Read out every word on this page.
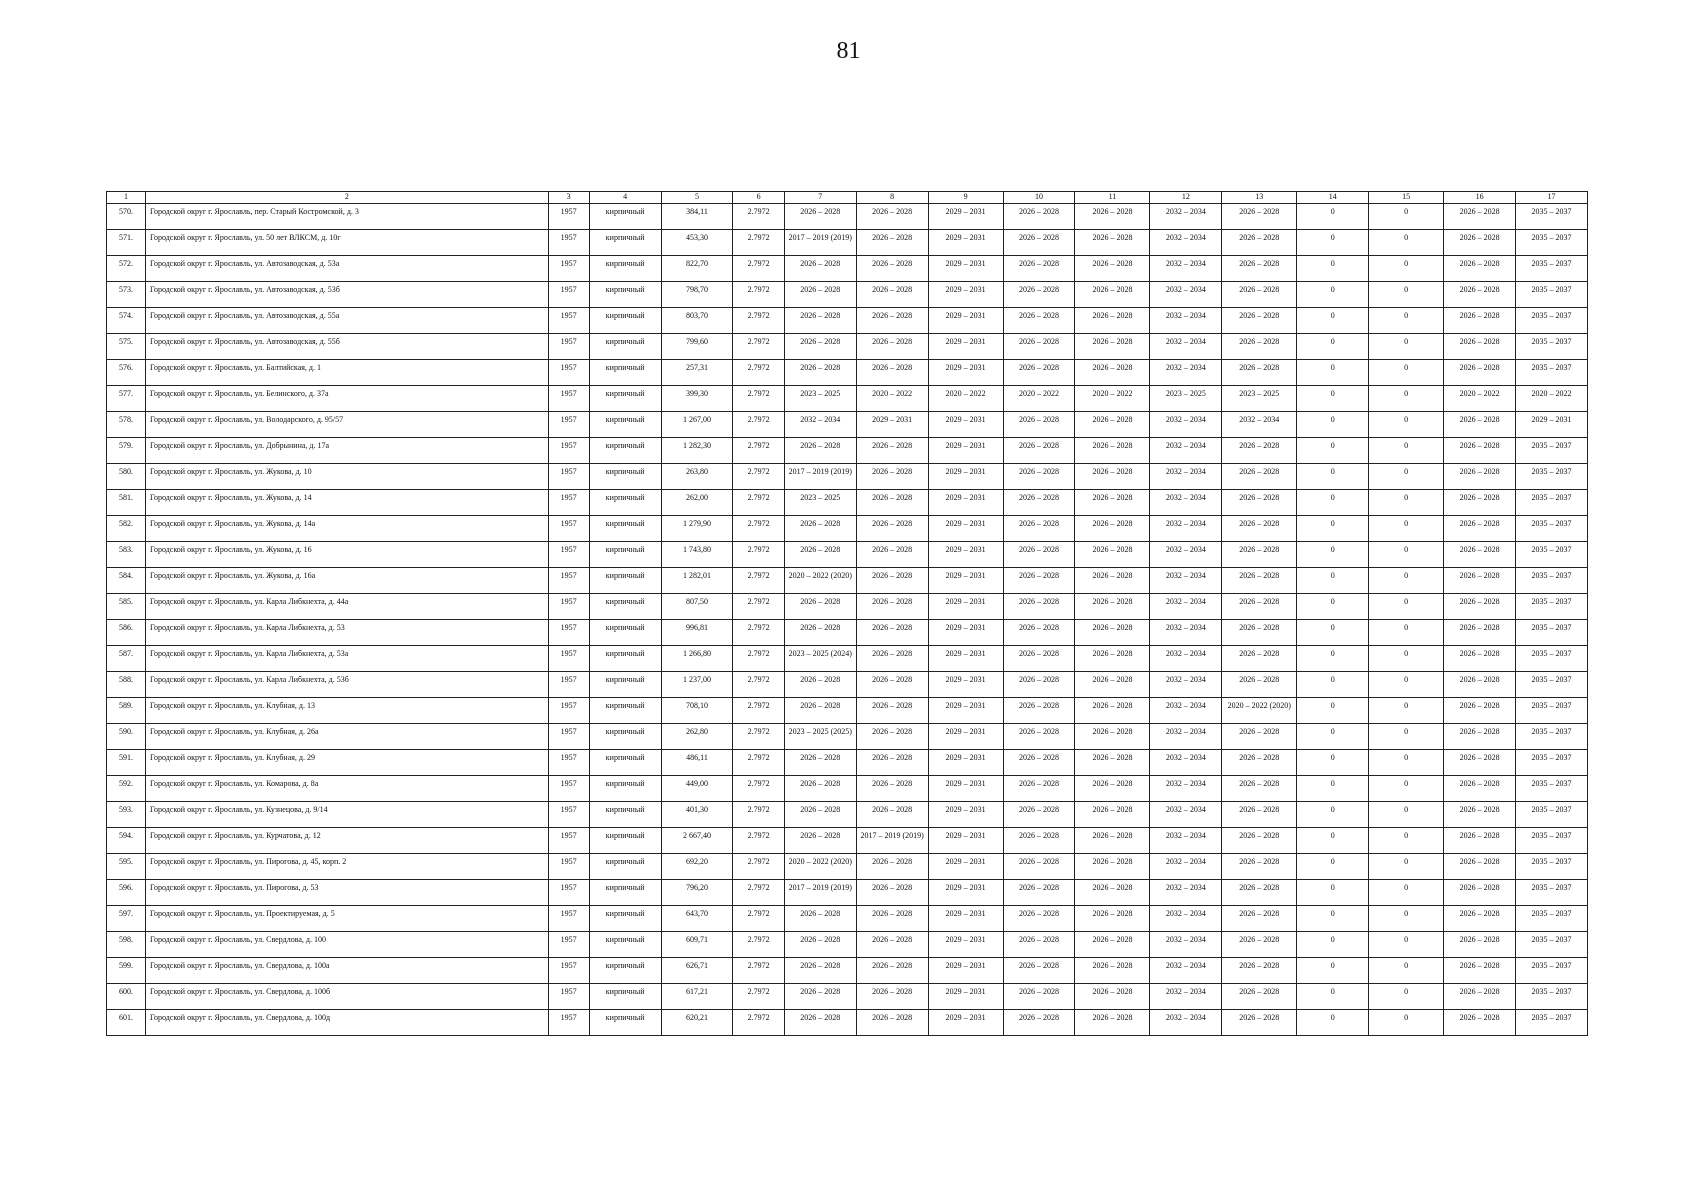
81
1	2	3	4	5	6	7	8	9	10	11	12	13	14	15	16	17
570.	Городской округ г. Ярославль, пер. Старый Костромской, д. 3	1957	кирпичный	384,11	2.7972	2026 – 2028	2026 – 2028	2029 – 2031	2026 – 2028	2026 – 2028	2032 – 2034	2026 – 2028	0	0	2026 – 2028	2035 – 2037
571.	Городской округ г. Ярославль, ул. 50 лет ВЛКСМ, д. 10г	1957	кирпичный	453,30	2.7972	2017 – 2019 (2019)	2026 – 2028	2029 – 2031	2026 – 2028	2026 – 2028	2032 – 2034	2026 – 2028	0	0	2026 – 2028	2035 – 2037
572.	Городской округ г. Ярославль, ул. Автозаводская, д. 53а	1957	кирпичный	822,70	2.7972	2026 – 2028	2026 – 2028	2029 – 2031	2026 – 2028	2026 – 2028	2032 – 2034	2026 – 2028	0	0	2026 – 2028	2035 – 2037
573.	Городской округ г. Ярославль, ул. Автозаводская, д. 53б	1957	кирпичный	798,70	2.7972	2026 – 2028	2026 – 2028	2029 – 2031	2026 – 2028	2026 – 2028	2032 – 2034	2026 – 2028	0	0	2026 – 2028	2035 – 2037
574.	Городской округ г. Ярославль, ул. Автозаводская, д. 55а	1957	кирпичный	803,70	2.7972	2026 – 2028	2026 – 2028	2029 – 2031	2026 – 2028	2026 – 2028	2032 – 2034	2026 – 2028	0	0	2026 – 2028	2035 – 2037
575.	Городской округ г. Ярославль, ул. Автозаводская, д. 55б	1957	кирпичный	799,60	2.7972	2026 – 2028	2026 – 2028	2029 – 2031	2026 – 2028	2026 – 2028	2032 – 2034	2026 – 2028	0	0	2026 – 2028	2035 – 2037
576.	Городской округ г. Ярославль, ул. Балтийская, д. 1	1957	кирпичный	257,31	2.7972	2026 – 2028	2026 – 2028	2029 – 2031	2026 – 2028	2026 – 2028	2032 – 2034	2026 – 2028	0	0	2026 – 2028	2035 – 2037
577.	Городской округ г. Ярославль, ул. Белинского, д. 37а	1957	кирпичный	399,30	2.7972	2023 – 2025	2020 – 2022	2020 – 2022	2020 – 2022	2020 – 2022	2023 – 2025	2023 – 2025	0	0	2020 – 2022	2020 – 2022
578.	Городской округ г. Ярославль, ул. Володарского, д. 95/57	1957	кирпичный	1 267,00	2.7972	2032 – 2034	2029 – 2031	2029 – 2031	2026 – 2028	2026 – 2028	2032 – 2034	2032 – 2034	0	0	2026 – 2028	2029 – 2031
579.	Городской округ г. Ярославль, ул. Добрынина, д. 17а	1957	кирпичный	1 282,30	2.7972	2026 – 2028	2026 – 2028	2029 – 2031	2026 – 2028	2026 – 2028	2032 – 2034	2026 – 2028	0	0	2026 – 2028	2035 – 2037
580.	Городской округ г. Ярославль, ул. Жукова, д. 10	1957	кирпичный	263,80	2.7972	2017 – 2019 (2019)	2026 – 2028	2029 – 2031	2026 – 2028	2026 – 2028	2032 – 2034	2026 – 2028	0	0	2026 – 2028	2035 – 2037
581.	Городской округ г. Ярославль, ул. Жукова, д. 14	1957	кирпичный	262,00	2.7972	2023 – 2025	2026 – 2028	2029 – 2031	2026 – 2028	2026 – 2028	2032 – 2034	2026 – 2028	0	0	2026 – 2028	2035 – 2037
582.	Городской округ г. Ярославль, ул. Жукова, д. 14а	1957	кирпичный	1 279,90	2.7972	2026 – 2028	2026 – 2028	2029 – 2031	2026 – 2028	2026 – 2028	2032 – 2034	2026 – 2028	0	0	2026 – 2028	2035 – 2037
583.	Городской округ г. Ярославль, ул. Жукова, д. 16	1957	кирпичный	1 743,80	2.7972	2026 – 2028	2026 – 2028	2029 – 2031	2026 – 2028	2026 – 2028	2032 – 2034	2026 – 2028	0	0	2026 – 2028	2035 – 2037
584.	Городской округ г. Ярославль, ул. Жукова, д. 16а	1957	кирпичный	1 282,01	2.7972	2020 – 2022 (2020)	2026 – 2028	2029 – 2031	2026 – 2028	2026 – 2028	2032 – 2034	2026 – 2028	0	0	2026 – 2028	2035 – 2037
585.	Городской округ г. Ярославль, ул. Карла Либкнехта, д. 44а	1957	кирпичный	807,50	2.7972	2026 – 2028	2026 – 2028	2029 – 2031	2026 – 2028	2026 – 2028	2032 – 2034	2026 – 2028	0	0	2026 – 2028	2035 – 2037
586.	Городской округ г. Ярославль, ул. Карла Либкнехта, д. 53	1957	кирпичный	996,81	2.7972	2026 – 2028	2026 – 2028	2029 – 2031	2026 – 2028	2026 – 2028	2032 – 2034	2026 – 2028	0	0	2026 – 2028	2035 – 2037
587.	Городской округ г. Ярославль, ул. Карла Либкнехта, д. 53а	1957	кирпичный	1 266,80	2.7972	2023 – 2025 (2024)	2026 – 2028	2029 – 2031	2026 – 2028	2026 – 2028	2032 – 2034	2026 – 2028	0	0	2026 – 2028	2035 – 2037
588.	Городской округ г. Ярославль, ул. Карла Либкнехта, д. 53б	1957	кирпичный	1 237,00	2.7972	2026 – 2028	2026 – 2028	2029 – 2031	2026 – 2028	2026 – 2028	2032 – 2034	2026 – 2028	0	0	2026 – 2028	2035 – 2037
589.	Городской округ г. Ярославль, ул. Клубная, д. 13	1957	кирпичный	708,10	2.7972	2026 – 2028	2026 – 2028	2029 – 2031	2026 – 2028	2026 – 2028	2032 – 2034	2020 – 2022 (2020)	0	0	2026 – 2028	2035 – 2037
590.	Городской округ г. Ярославль, ул. Клубная, д. 26а	1957	кирпичный	262,80	2.7972	2023 – 2025 (2025)	2026 – 2028	2029 – 2031	2026 – 2028	2026 – 2028	2032 – 2034	2026 – 2028	0	0	2026 – 2028	2035 – 2037
591.	Городской округ г. Ярославль, ул. Клубная, д. 29	1957	кирпичный	486,11	2.7972	2026 – 2028	2026 – 2028	2029 – 2031	2026 – 2028	2026 – 2028	2032 – 2034	2026 – 2028	0	0	2026 – 2028	2035 – 2037
592.	Городской округ г. Ярославль, ул. Комарова, д. 8а	1957	кирпичный	449,00	2.7972	2026 – 2028	2026 – 2028	2029 – 2031	2026 – 2028	2026 – 2028	2032 – 2034	2026 – 2028	0	0	2026 – 2028	2035 – 2037
593.	Городской округ г. Ярославль, ул. Кузнецова, д. 9/14	1957	кирпичный	401,30	2.7972	2026 – 2028	2026 – 2028	2029 – 2031	2026 – 2028	2026 – 2028	2032 – 2034	2026 – 2028	0	0	2026 – 2028	2035 – 2037
594.	Городской округ г. Ярославль, ул. Курчатова, д. 12	1957	кирпичный	2 667,40	2.7972	2026 – 2028	2017 – 2019 (2019)	2029 – 2031	2026 – 2028	2026 – 2028	2032 – 2034	2026 – 2028	0	0	2026 – 2028	2035 – 2037
595.	Городской округ г. Ярославль, ул. Пирогова, д. 45, корп. 2	1957	кирпичный	692,20	2.7972	2020 – 2022 (2020)	2026 – 2028	2029 – 2031	2026 – 2028	2026 – 2028	2032 – 2034	2026 – 2028	0	0	2026 – 2028	2035 – 2037
596.	Городской округ г. Ярославль, ул. Пирогова, д. 53	1957	кирпичный	796,20	2.7972	2017 – 2019 (2019)	2026 – 2028	2029 – 2031	2026 – 2028	2026 – 2028	2032 – 2034	2026 – 2028	0	0	2026 – 2028	2035 – 2037
597.	Городской округ г. Ярославль, ул. Проектируемая, д. 5	1957	кирпичный	643,70	2.7972	2026 – 2028	2026 – 2028	2029 – 2031	2026 – 2028	2026 – 2028	2032 – 2034	2026 – 2028	0	0	2026 – 2028	2035 – 2037
598.	Городской округ г. Ярославль, ул. Свердлова, д. 100	1957	кирпичный	609,71	2.7972	2026 – 2028	2026 – 2028	2029 – 2031	2026 – 2028	2026 – 2028	2032 – 2034	2026 – 2028	0	0	2026 – 2028	2035 – 2037
599.	Городской округ г. Ярославль, ул. Свердлова, д. 100а	1957	кирпичный	626,71	2.7972	2026 – 2028	2026 – 2028	2029 – 2031	2026 – 2028	2026 – 2028	2032 – 2034	2026 – 2028	0	0	2026 – 2028	2035 – 2037
600.	Городской округ г. Ярославль, ул. Свердлова, д. 100б	1957	кирпичный	617,21	2.7972	2026 – 2028	2026 – 2028	2029 – 2031	2026 – 2028	2026 – 2028	2032 – 2034	2026 – 2028	0	0	2026 – 2028	2035 – 2037
601.	Городской округ г. Ярославль, ул. Свердлова, д. 100д	1957	кирпичный	620,21	2.7972	2026 – 2028	2026 – 2028	2029 – 2031	2026 – 2028	2026 – 2028	2032 – 2034	2026 – 2028	0	0	2026 – 2028	2035 – 2037
